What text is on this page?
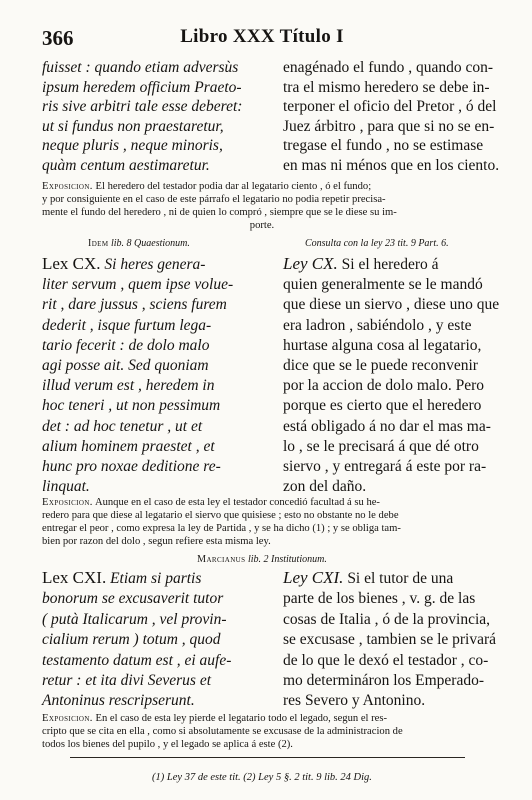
366	Libro XXX Título I
fuisset : quando etiam adversùs
ipsum heredem officium Praeto-
ris sive arbitri tale esse deberet:
ut si fundus non praestaretur,
neque pluris , neque minoris,
quàm centum aestimaretur.
enagénado el fundo , quando con-
tra el mismo heredero se debe in-
terponer el oficio del Pretor , ó del
Juez árbitro , para que si no se en-
tregase el fundo , no se estimase
en mas ni ménos que en los ciento.
Exposicion. El heredero del testador podia dar al legatario ciento , ó el fundo;
y por consiguiente en el caso de este párrafo el legatario no podia repetir precisa-
mente el fundo del heredero , ni de quien lo compró , siempre que se le diese su im-
porte.
Idem lib. 8 Quaestionum.	Consulta con la ley 23 tit. 9 Part. 6.
Lex CX. Si heres genera-
liter servum , quem ipse volue-
rit , dare jussus , sciens furem
dederit , isque furtum lega-
tario fecerit : de dolo malo
agi posse ait. Sed quoniam
illud verum est , heredem in
hoc teneri , ut non pessimum
det : ad hoc tenetur , ut et
alium hominem praestet , et
hunc pro noxae deditione re-
linquat.
Ley CX. Si el heredero á
quien generalmente se le mandó
que diese un siervo , diese uno que
era ladron , sabiéndolo , y este
hurtase alguna cosa al legatario,
dice que se le puede reconvenir
por la accion de dolo malo. Pero
porque es cierto que el heredero
está obligado á no dar el mas ma-
lo , se le precisará á que dé otro
siervo , y entregará á este por ra-
zon del daño.
Exposicion. Aunque en el caso de esta ley el testador concedió facultad á su he-
redero para que diese al legatario el siervo que quisiese ; esto no obstante no le debe
entregar el peor , como expresa la ley de Partida , y se ha dicho (1) ; y se obliga tam-
bien por razon del dolo , segun refiere esta misma ley.
Marcianus lib. 2 Institutionum.
Lex CXI. Etiam si partis
bonorum se excusaverit tutor
( putà Italicarum , vel provin-
cialium rerum ) totum , quod
testamento datum est , ei aufe-
retur : et ita divi Severus et
Antoninus rescripserunt.
Ley CXI. Si el tutor de una
parte de los bienes , v. g. de las
cosas de Italia , ó de la provincia,
se excusase , tambien se le privará
de lo que le dexó el testador , co-
mo determináron los Emperado-
res Severo y Antonino.
Exposicion. En el caso de esta ley pierde el legatario todo el legado, segun el res-
cripto que se cita en ella , como si absolutamente se excusase de la administracion de
todos los bienes del pupilo , y el legado se aplica á este (2).
(1) Ley 37 de este tit. (2) Ley 5 §. 2 tit. 9 lib. 24 Dig.
